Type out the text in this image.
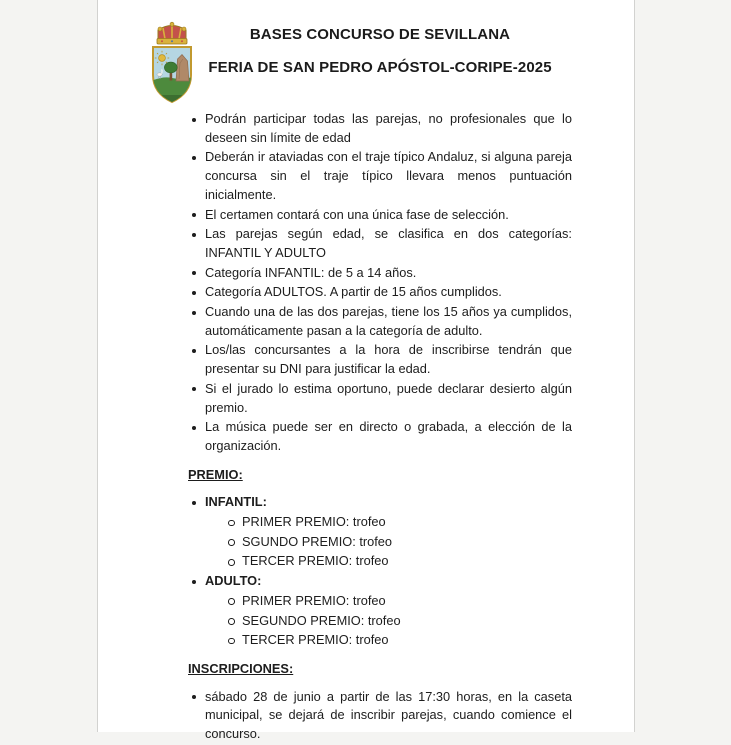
BASES CONCURSO DE SEVILLANA
FERIA DE SAN PEDRO APÓSTOL-CORIPE-2025
Podrán participar todas las parejas, no profesionales que lo deseen sin límite de edad
Deberán ir ataviadas con el traje típico Andaluz, si alguna pareja concursa sin el traje típico llevara menos puntuación inicialmente.
El certamen contará con una única fase de selección.
Las parejas según edad, se clasifica en dos categorías: INFANTIL Y ADULTO
Categoría INFANTIL: de 5 a 14 años.
Categoría ADULTOS. A partir de 15 años cumplidos.
Cuando una de las dos parejas, tiene los 15 años ya cumplidos, automáticamente pasan a la categoría de adulto.
Los/las concursantes a la hora de inscribirse tendrán que presentar su DNI para justificar la edad.
Si el jurado lo estima oportuno, puede declarar desierto algún premio.
La música puede ser en directo o grabada, a elección de la organización.
PREMIO:
INFANTIL:
PRIMER PREMIO: trofeo
SGUNDO PREMIO: trofeo
TERCER PREMIO: trofeo
ADULTO:
PRIMER PREMIO: trofeo
SEGUNDO PREMIO: trofeo
TERCER PREMIO: trofeo
INSCRIPCIONES:
sábado 28 de junio a partir de las 17:30 horas, en la caseta municipal, se dejará de inscribir parejas, cuando comience el concurso.
